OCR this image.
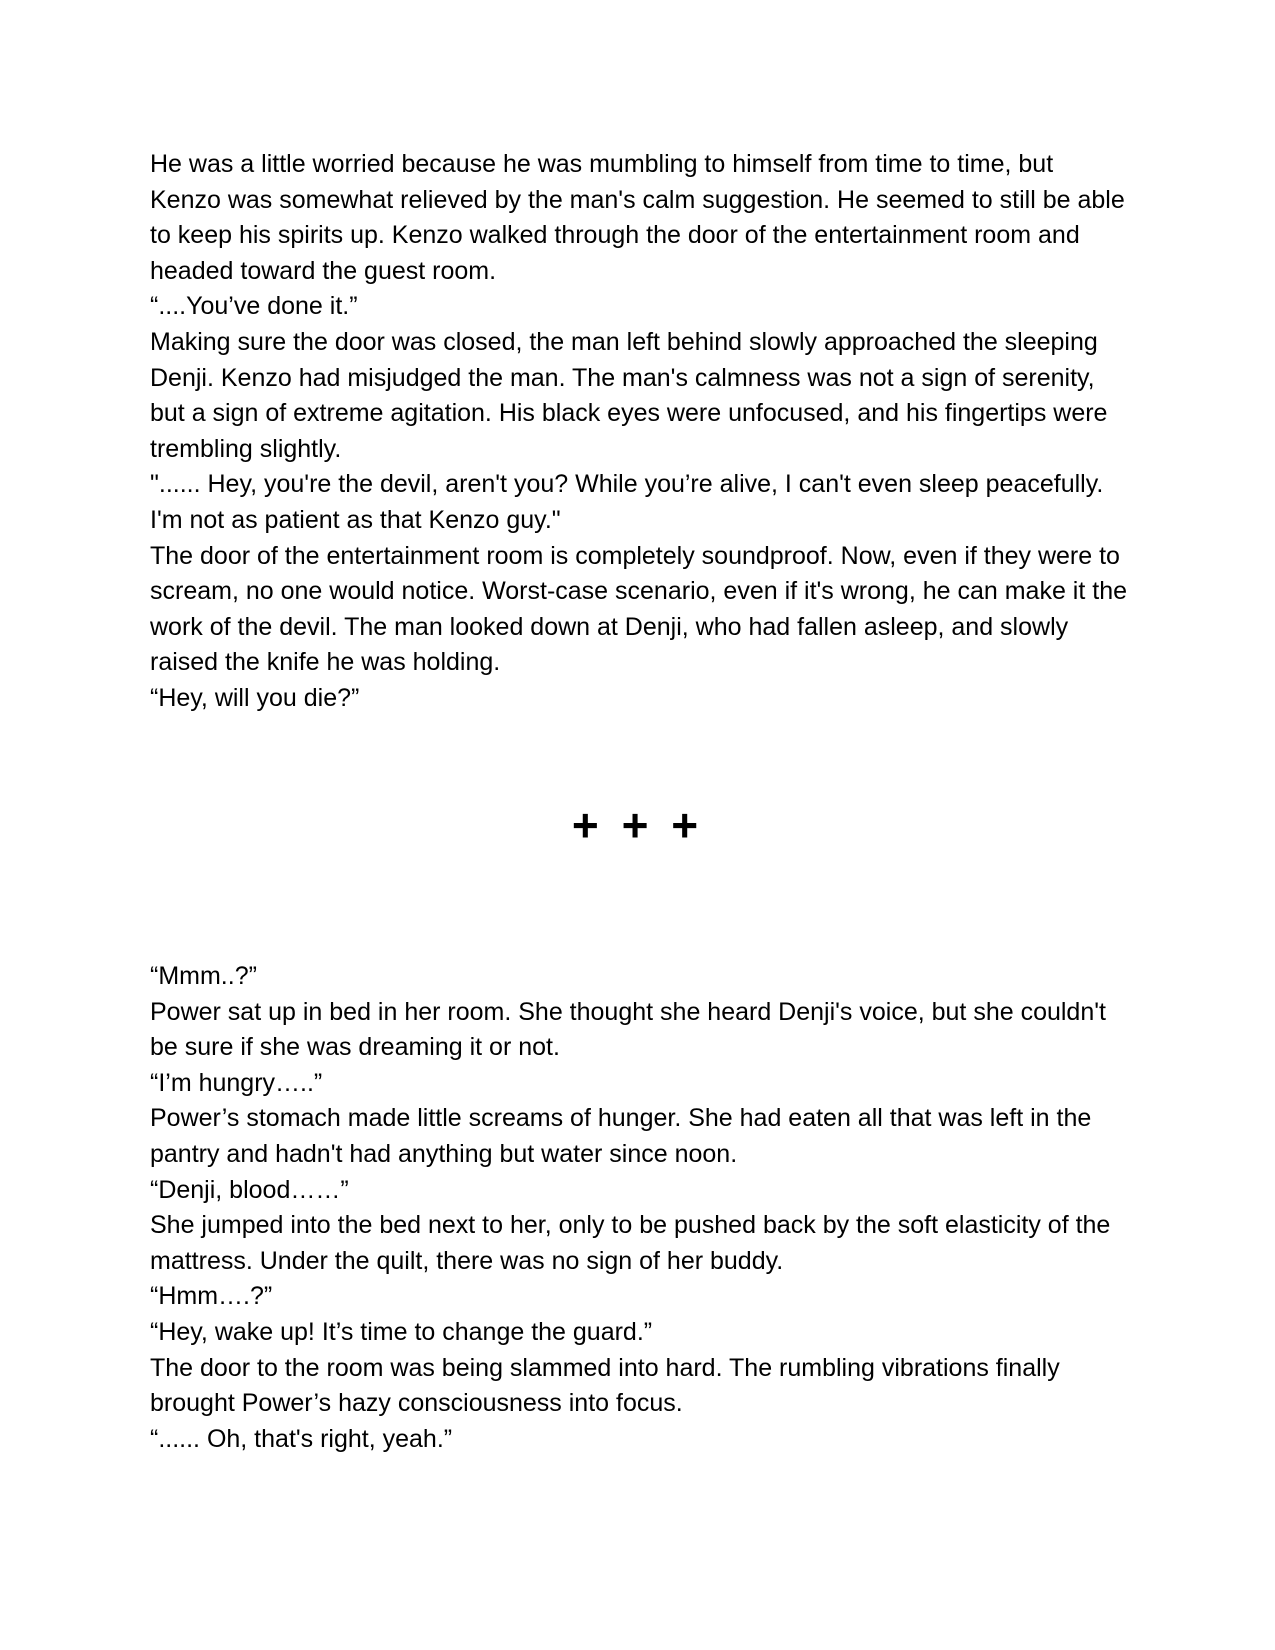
He was a little worried because he was mumbling to himself from time to time, but Kenzo was somewhat relieved by the man's calm suggestion. He seemed to still be able to keep his spirits up. Kenzo walked through the door of the entertainment room and headed toward the guest room.

“....You’ve done it.”

Making sure the door was closed, the man left behind slowly approached the sleeping Denji. Kenzo had misjudged the man. The man's calmness was not a sign of serenity, but a sign of extreme agitation. His black eyes were unfocused, and his fingertips were trembling slightly.

"...... Hey, you're the devil, aren't you? While you’re alive, I can't even sleep peacefully. I'm not as patient as that Kenzo guy."

The door of the entertainment room is completely soundproof. Now, even if they were to scream, no one would notice. Worst-case scenario, even if it's wrong, he can make it the work of the devil. The man looked down at Denji, who had fallen asleep, and slowly raised the knife he was holding.

“Hey, will you die?”

+ + +

“Mmm..?”

Power sat up in bed in her room. She thought she heard Denji's voice, but she couldn't be sure if she was dreaming it or not.

“I’m hungry…..”

Power’s stomach made little screams of hunger. She had eaten all that was left in the pantry and hadn't had anything but water since noon.

“Denji, blood……”

She jumped into the bed next to her, only to be pushed back by the soft elasticity of the mattress. Under the quilt, there was no sign of her buddy.

“Hmm….?”

“Hey, wake up! It’s time to change the guard.”

The door to the room was being slammed into hard. The rumbling vibrations finally brought Power’s hazy consciousness into focus.

“...... Oh, that's right, yeah.”
